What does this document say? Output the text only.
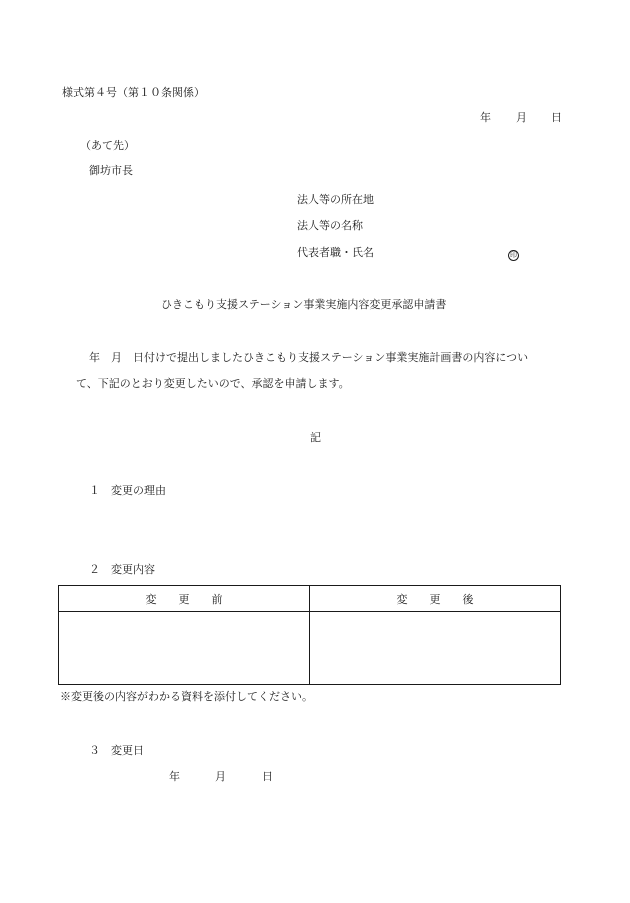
様式第４号（第１０条関係）
年 月 日
（あて先）
御坊市長
法人等の所在地
法人等の名称
代表者職・氏名	印
ひきこもり支援ステーション事業実施内容変更承認申請書
年　月　日付けで提出しましたひきこもり支援ステーション事業実施計画書の内容につい
て、下記のとおり変更したいので、承認を申請します。
記
１　変更の理由
２　変更内容
変　　更　　前	変　　更　　後

※変更後の内容がわかる資料を添付してください。
３　変更日
年	月	日
